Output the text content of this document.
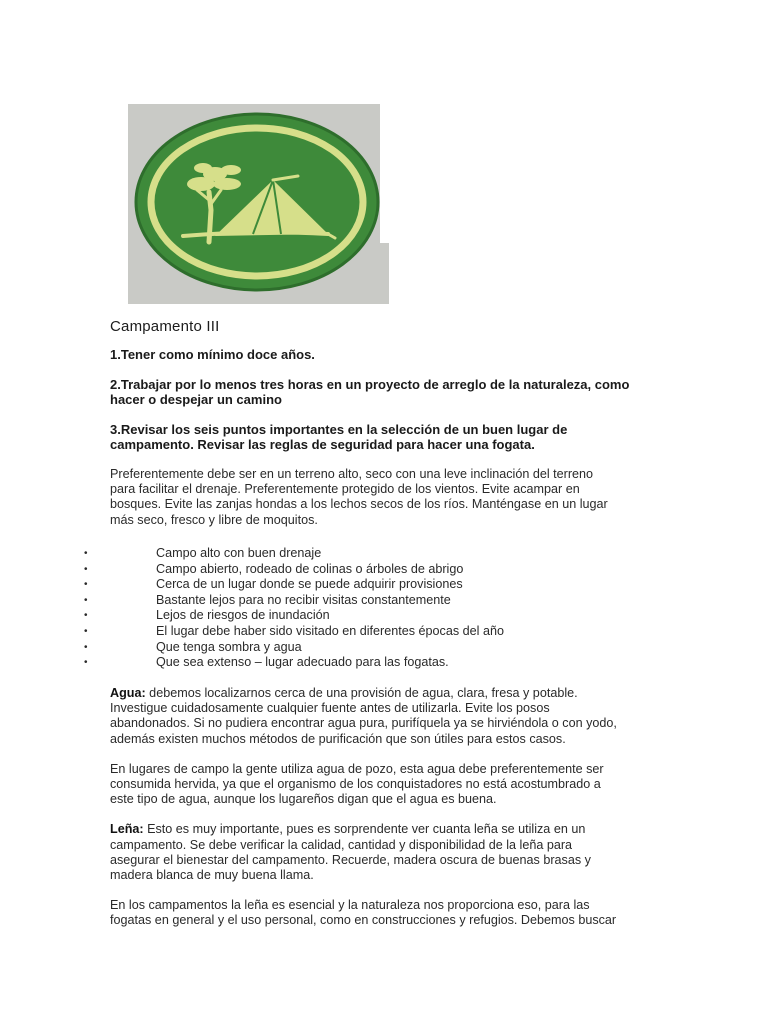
Campamento III
1.Tener como mínimo doce años.
2.Trabajar por lo menos tres horas en un proyecto de arreglo de la naturaleza, como
hacer o despejar un camino
3.Revisar los seis puntos importantes en la selección de un buen lugar de
campamento. Revisar las reglas de seguridad para hacer una fogata.
Preferentemente debe ser en un terreno alto, seco con una leve inclinación del terreno
para facilitar el drenaje. Preferentemente protegido de los vientos. Evite acampar en
bosques. Evite las zanjas hondas a los lechos secos de los ríos. Manténgase en un lugar
más seco, fresco y libre de moquitos.
•	Campo alto con buen drenaje
•	Campo abierto, rodeado de colinas o árboles de abrigo
•	Cerca de un lugar donde se puede adquirir provisiones
•	Bastante lejos para no recibir visitas constantemente
•	Lejos de riesgos de inundación
•	El lugar debe haber sido visitado en diferentes épocas del año
•	Que tenga sombra y agua
•	Que sea extenso – lugar adecuado para las fogatas.
Agua: debemos localizarnos cerca de una provisión de agua, clara, fresa y potable.
Investigue cuidadosamente cualquier fuente antes de utilizarla. Evite los posos
abandonados. Si no pudiera encontrar agua pura, purifíquela ya se hirviéndola o con yodo,
además existen muchos métodos de purificación que son útiles para estos casos.
En lugares de campo la gente utiliza agua de pozo, esta agua debe preferentemente ser
consumida hervida, ya que el organismo de los conquistadores no está acostumbrado a
este tipo de agua, aunque los lugareños digan que el agua es buena.
Leña: Esto es muy importante, pues es sorprendente ver cuanta leña se utiliza en un
campamento. Se debe verificar la calidad, cantidad y disponibilidad de la leña para
asegurar el bienestar del campamento. Recuerde, madera oscura de buenas brasas y
madera blanca de muy buena llama.
En los campamentos la leña es esencial y la naturaleza nos proporciona eso, para las
fogatas en general y el uso personal, como en construcciones y refugios. Debemos buscar
